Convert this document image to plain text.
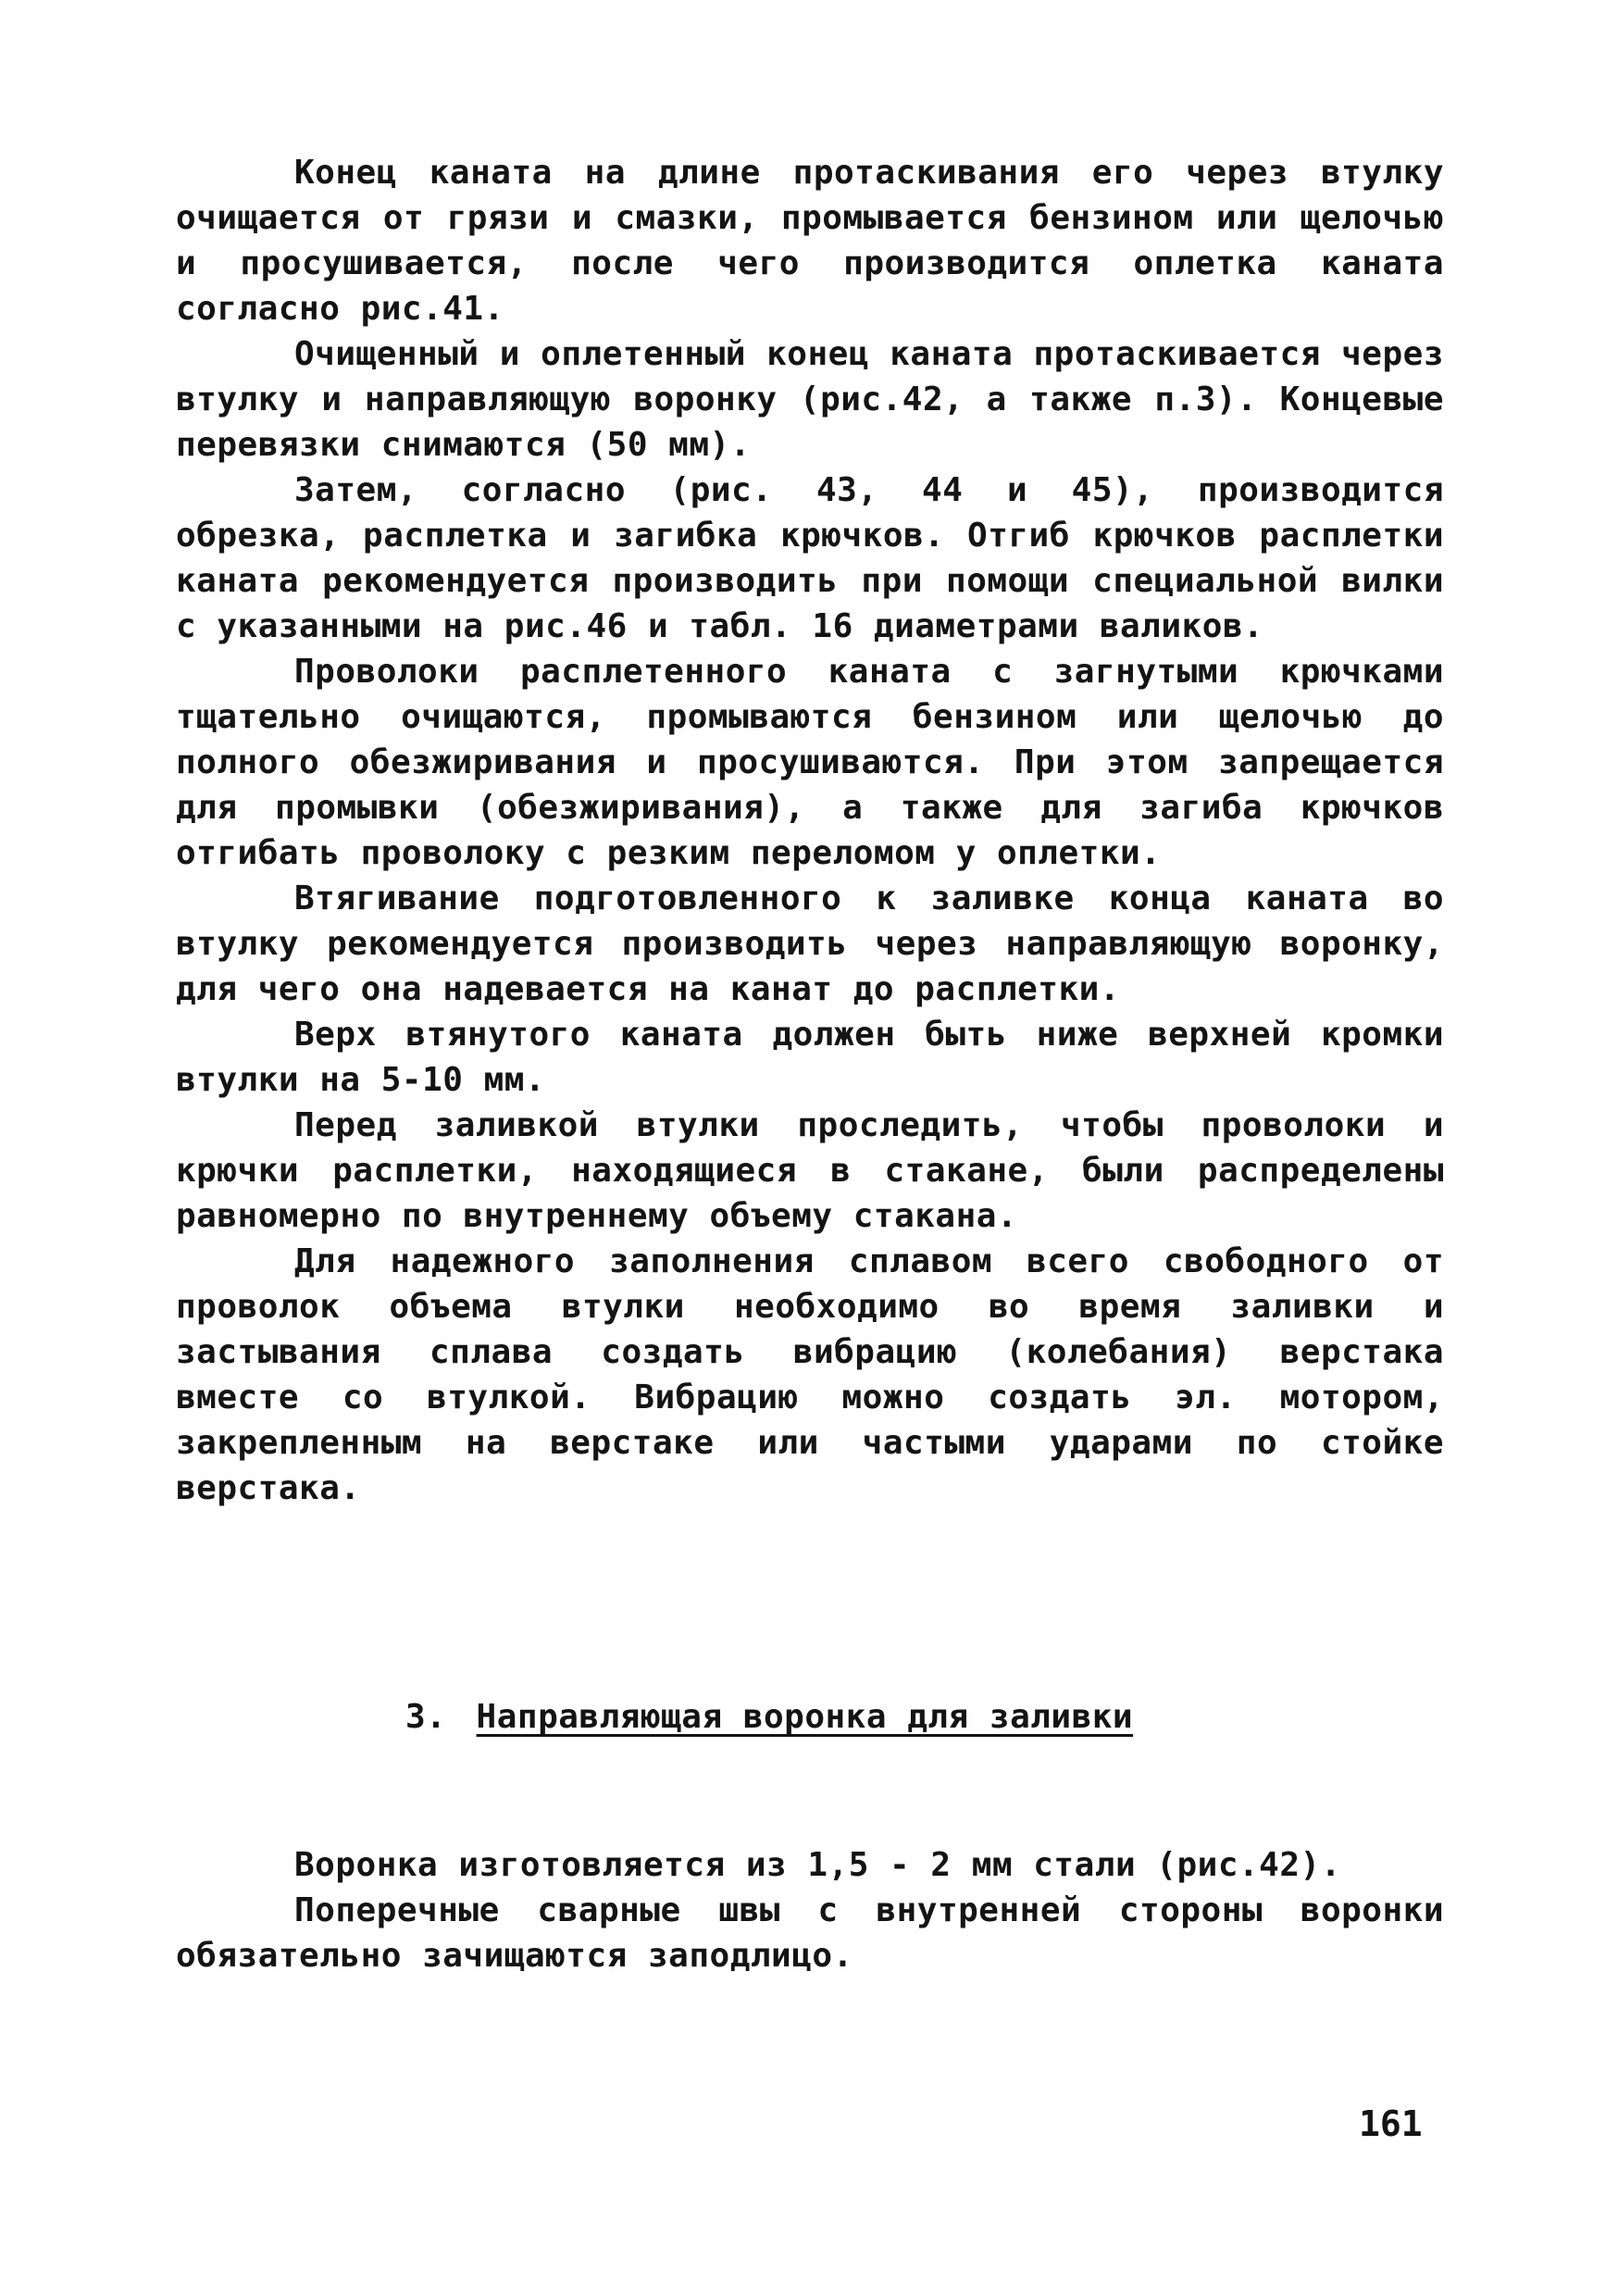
Конец каната на длине протаскивания его через втулку очищается от грязи и смазки, промывается бензином или щелочью и просушивается, после чего производится оплетка каната согласно рис.41.

Очищенный и оплетенный конец каната протаскивается через втулку и направляющую воронку (рис.42, а также п.3). Концевые перевязки снимаются (50 мм).

Затем, согласно (рис. 43, 44 и 45), производится обрезка, расплетка и загибка крючков. Отгиб крючков расплетки каната рекомендуется производить при помощи специальной вилки с указанными на рис.46 и табл. 16 диаметрами валиков.

Проволоки расплетенного каната с загнутыми крючками тщательно очищаются, промываются бензином или щелочью до полного обезжиривания и просушиваются. При этом запрещается для промывки (обезжиривания), а также для загиба крючков отгибать проволоку с резким переломом у оплетки.

Втягивание подготовленного к заливке конца каната во втулку рекомендуется производить через направляющую воронку, для чего она надевается на канат до расплетки.

Верх втянутого каната должен быть ниже верхней кромки втулки на 5-10 мм.

Перед заливкой втулки проследить, чтобы проволоки и крючки расплетки, находящиеся в стакане, были распределены равномерно по внутреннему объему стакана.

Для надежного заполнения сплавом всего свободного от проволок объема втулки необходимо во время заливки и застывания сплава создать вибрацию (колебания) верстака вместе со втулкой. Вибрацию можно создать эл. мотором, закрепленным на верстаке или частыми ударами по стойке верстака.

3. Направляющая воронка для заливки

Воронка изготовляется из 1,5 - 2 мм стали (рис.42).

Поперечные сварные швы с внутренней стороны воронки обязательно зачищаются заподлицо.

161
